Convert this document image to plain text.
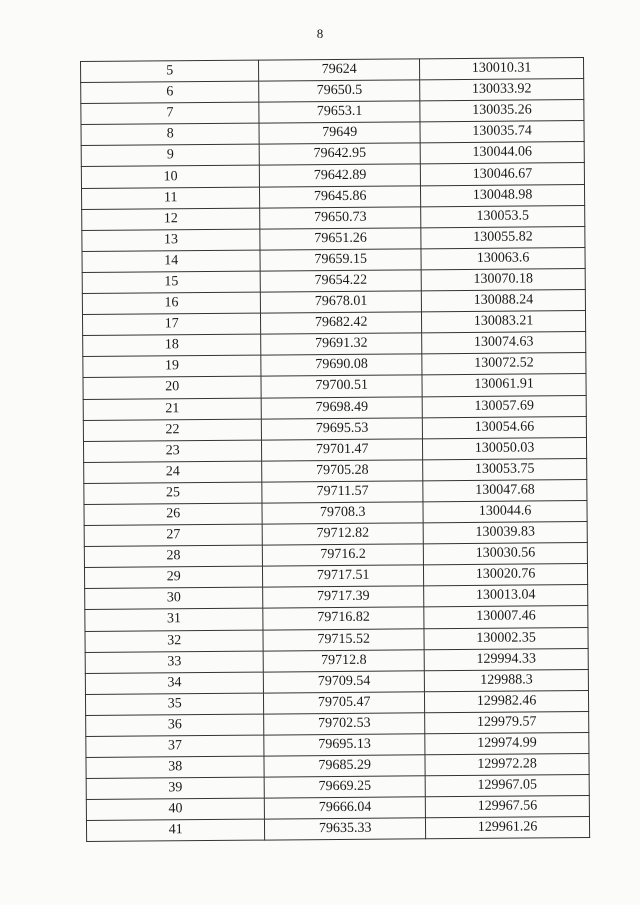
8
5	79624	130010.31
6	79650.5	130033.92
7	79653.1	130035.26
8	79649	130035.74
9	79642.95	130044.06
10	79642.89	130046.67
11	79645.86	130048.98
12	79650.73	130053.5
13	79651.26	130055.82
14	79659.15	130063.6
15	79654.22	130070.18
16	79678.01	130088.24
17	79682.42	130083.21
18	79691.32	130074.63
19	79690.08	130072.52
20	79700.51	130061.91
21	79698.49	130057.69
22	79695.53	130054.66
23	79701.47	130050.03
24	79705.28	130053.75
25	79711.57	130047.68
26	79708.3	130044.6
27	79712.82	130039.83
28	79716.2	130030.56
29	79717.51	130020.76
30	79717.39	130013.04
31	79716.82	130007.46
32	79715.52	130002.35
33	79712.8	129994.33
34	79709.54	129988.3
35	79705.47	129982.46
36	79702.53	129979.57
37	79695.13	129974.99
38	79685.29	129972.28
39	79669.25	129967.05
40	79666.04	129967.56
41	79635.33	129961.26
